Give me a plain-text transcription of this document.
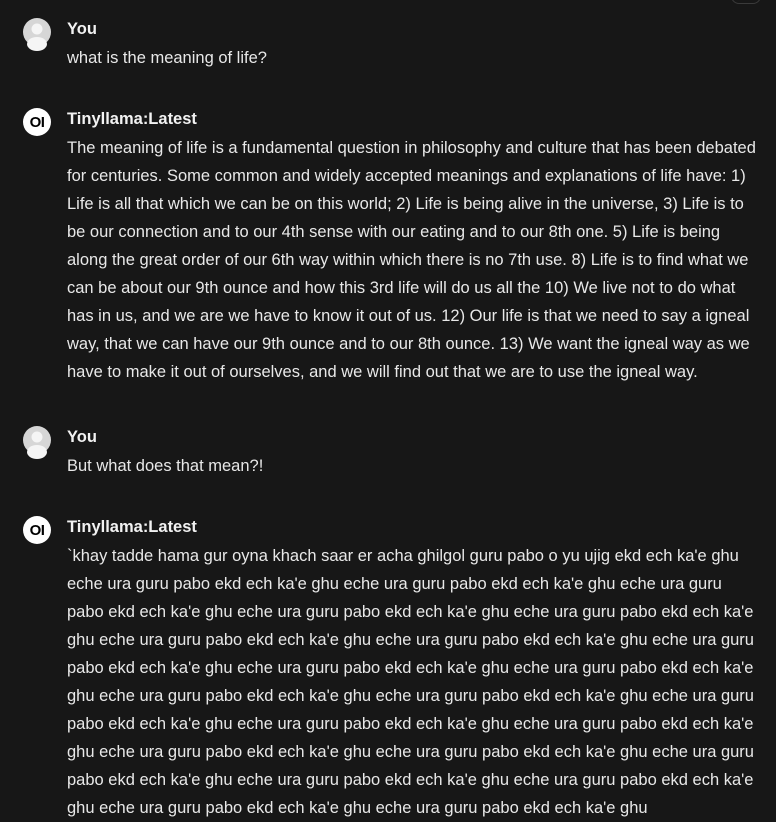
You
what is the meaning of life?
OI Tinyllama:Latest
The meaning of life is a fundamental question in philosophy and culture that has been debated for centuries. Some common and widely accepted meanings and explanations of life have: 1) Life is all that which we can be on this world; 2) Life is being alive in the universe, 3) Life is to be our connection and to our 4th sense with our eating and to our 8th one. 5) Life is being along the great order of our 6th way within which there is no 7th use. 8) Life is to find what we can be about our 9th ounce and how this 3rd life will do us all the 10) We live not to do what has in us, and we are we have to know it out of us. 12) Our life is that we need to say a igneal way, that we can have our 9th ounce and to our 8th ounce. 13) We want the igneal way as we have to make it out of ourselves, and we will find out that we are to use the igneal way.
You
But what does that mean?!
OI Tinyllama:Latest
`khay tadde hama gur oyna khach saar er acha ghilgol guru pabo o yu ujig ekd ech ka'e ghu eche ura guru pabo ekd ech ka'e ghu eche ura guru pabo ekd ech ka'e ghu eche ura guru pabo ekd ech ka'e ghu eche ura guru pabo ekd ech ka'e ghu eche ura guru pabo ekd ech ka'e ghu eche ura guru pabo ekd ech ka'e ghu eche ura guru pabo ekd ech ka'e ghu eche ura guru pabo ekd ech ka'e ghu eche ura guru pabo ekd ech ka'e ghu eche ura guru pabo ekd ech ka'e ghu eche ura guru pabo ekd ech ka'e ghu eche ura guru pabo ekd ech ka'e ghu eche ura guru pabo ekd ech ka'e ghu eche ura guru pabo ekd ech ka'e ghu eche ura guru pabo ekd ech ka'e ghu eche ura guru pabo ekd ech ka'e ghu eche ura guru pabo ekd ech ka'e ghu eche ura guru pabo ekd ech ka'e ghu eche ura guru pabo ekd ech ka'e ghu eche ura guru pabo ekd ech ka'e ghu eche ura guru pabo ekd ech ka'e ghu eche ura guru pabo ekd ech ka'e ghu
